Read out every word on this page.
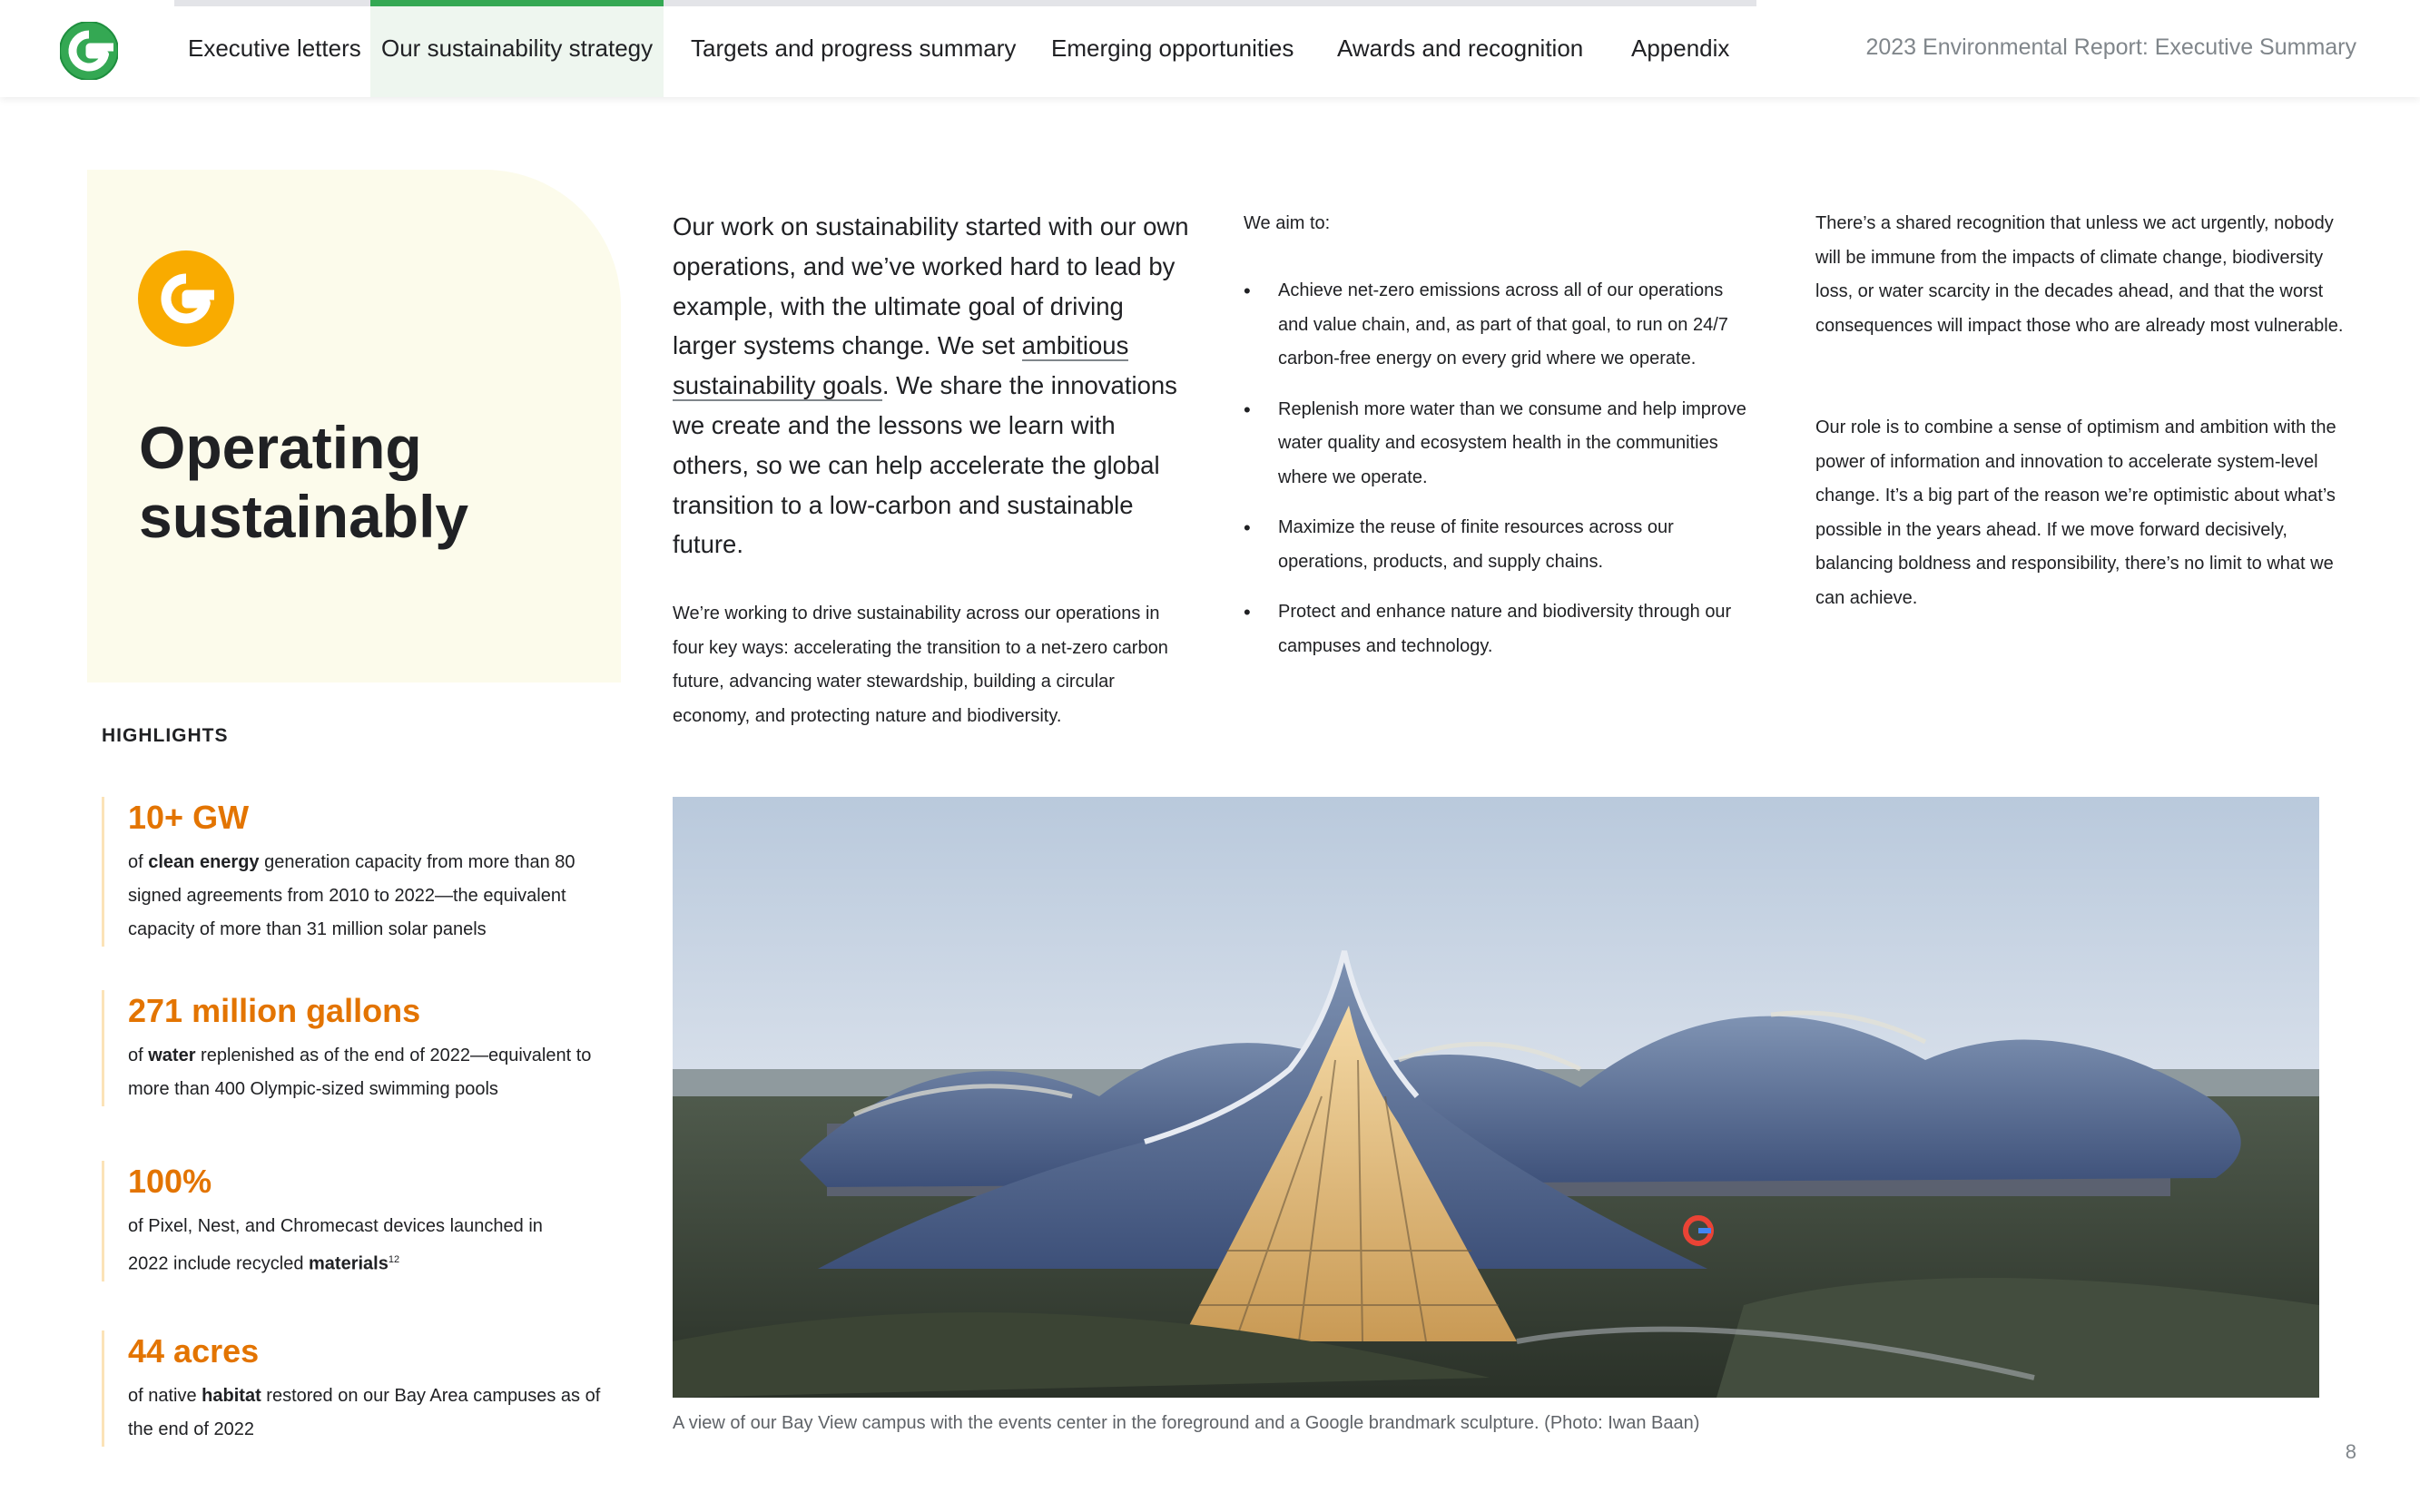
Executive letters Our sustainability strategy Targets and progress summary Emerging opportunities Awards and recognition Appendix	2023 Environmental Report: Executive Summary
Operating
sustainably
HIGHLIGHTS
10+ GW

of clean energy generation capacity from more than 80 signed agreements from 2010 to 2022—the equivalent capacity of more than 31 million solar panels

271 million gallons

of water replenished as of the end of 2022—equivalent to more than 400 Olympic-sized swimming pools

100%

of Pixel, Nest, and Chromecast devices launched in 2022 include recycled materials$^{12}$

44 acres

of native habitat restored on our Bay Area campuses as of the end of 2022

Our work on sustainability started with our own operations, and we’ve worked hard to lead by example, with the ultimate goal of driving larger systems change. We set ambitious sustainability goals. We share the innovations we create and the lessons we learn with others, so we can help accelerate the global transition to a low-carbon and sustainable future.

We’re working to drive sustainability across our operations in four key ways: accelerating the transition to a net-zero carbon future, advancing water stewardship, building a circular economy, and protecting nature and biodiversity.

We aim to:

• Achieve net-zero emissions across all of our operations and value chain, and, as part of that goal, to run on 24/7 carbon-free energy on every grid where we operate.
• Replenish more water than we consume and help improve water quality and ecosystem health in the communities where we operate.
• Maximize the reuse of finite resources across our operations, products, and supply chains.
• Protect and enhance nature and biodiversity through our campuses and technology.

There’s a shared recognition that unless we act urgently, nobody will be immune from the impacts of climate change, biodiversity loss, or water scarcity in the decades ahead, and that the worst consequences will impact those who are already most vulnerable.

Our role is to combine a sense of optimism and ambition with the power of information and innovation to accelerate system-level change. It’s a big part of the reason we’re optimistic about what’s possible in the years ahead. If we move forward decisively, balancing boldness and responsibility, there’s no limit to what we can achieve.

A view of our Bay View campus with the events center in the foreground and a Google brandmark sculpture. (Photo: Iwan Baan)
8
